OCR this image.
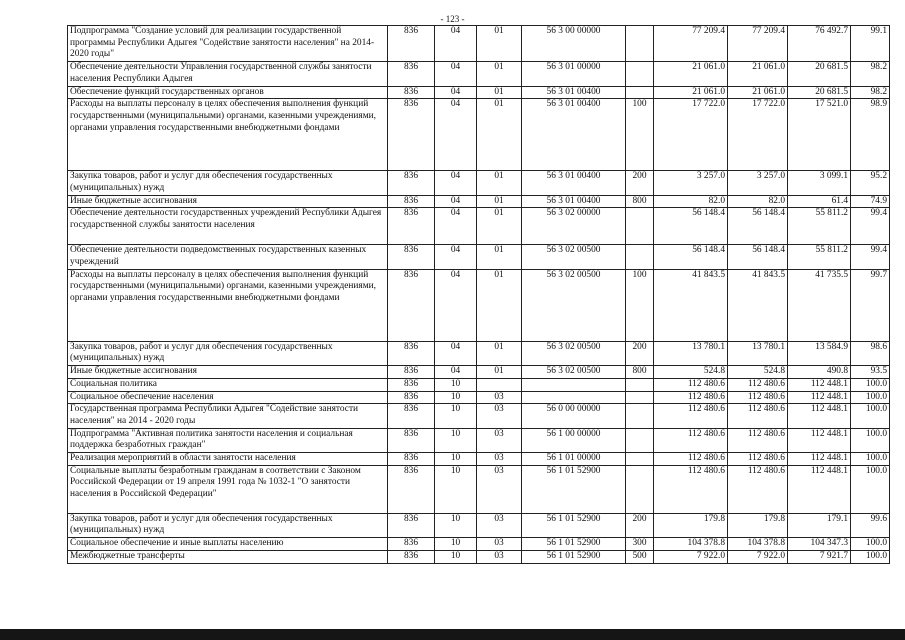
- 123 -
Подпрограмма "Создание условий для реализации государственной программы Республики Адыгея "Содействие занятости населения" на 2014-2020 годы"	836	04	01	56 3 00 00000		77 209.4	77 209.4	76 492.7	99.1
Обеспечение деятельности Управления государственной службы занятости населения Республики Адыгея	836	04	01	56 3 01 00000		21 061.0	21 061.0	20 681.5	98.2
Обеспечение функций государственных органов	836	04	01	56 3 01 00400		21 061.0	21 061.0	20 681.5	98.2
Расходы на выплаты персоналу в целях обеспечения выполнения функций государственными (муниципальными) органами, казенными учреждениями, органами управления государственными внебюджетными фондами	836	04	01	56 3 01 00400	100	17 722.0	17 722.0	17 521.0	98.9
Закупка товаров, работ и услуг для обеспечения государственных (муниципальных) нужд	836	04	01	56 3 01 00400	200	3 257.0	3 257.0	3 099.1	95.2
Иные бюджетные ассигнования	836	04	01	56 3 01 00400	800	82.0	82.0	61.4	74.9
Обеспечение деятельности государственных учреждений Республики Адыгея государственной службы занятости населения	836	04	01	56 3 02 00000		56 148.4	56 148.4	55 811.2	99.4
Обеспечение деятельности подведомственных государственных казенных учреждений	836	04	01	56 3 02 00500		56 148.4	56 148.4	55 811.2	99.4
Расходы на выплаты персоналу в целях обеспечения выполнения функций государственными (муниципальными) органами, казенными учреждениями, органами управления государственными внебюджетными фондами	836	04	01	56 3 02 00500	100	41 843.5	41 843.5	41 735.5	99.7
Закупка товаров, работ и услуг для обеспечения государственных (муниципальных) нужд	836	04	01	56 3 02 00500	200	13 780.1	13 780.1	13 584.9	98.6
Иные бюджетные ассигнования	836	04	01	56 3 02 00500	800	524.8	524.8	490.8	93.5
Социальная политика	836	10				112 480.6	112 480.6	112 448.1	100.0
Социальное обеспечение населения	836	10	03			112 480.6	112 480.6	112 448.1	100.0
Государственная программа Республики Адыгея "Содействие занятости населения" на 2014 - 2020 годы	836	10	03	56 0 00 00000		112 480.6	112 480.6	112 448.1	100.0
Подпрограмма "Активная политика занятости населения и социальная поддержка безработных граждан"	836	10	03	56 1 00 00000		112 480.6	112 480.6	112 448.1	100.0
Реализация мероприятий в области занятости населения	836	10	03	56 1 01 00000		112 480.6	112 480.6	112 448.1	100.0
Социальные выплаты безработным гражданам в соответствии с Законом Российской Федерации от 19 апреля 1991 года № 1032-1 "О занятости населения в Российской Федерации"	836	10	03	56 1 01 52900		112 480.6	112 480.6	112 448.1	100.0
Закупка товаров, работ и услуг для обеспечения государственных (муниципальных) нужд	836	10	03	56 1 01 52900	200	179.8	179.8	179.1	99.6
Социальное обеспечение и иные выплаты населению	836	10	03	56 1 01 52900	300	104 378.8	104 378.8	104 347.3	100.0
Межбюджетные трансферты	836	10	03	56 1 01 52900	500	7 922.0	7 922.0	7 921.7	100.0
